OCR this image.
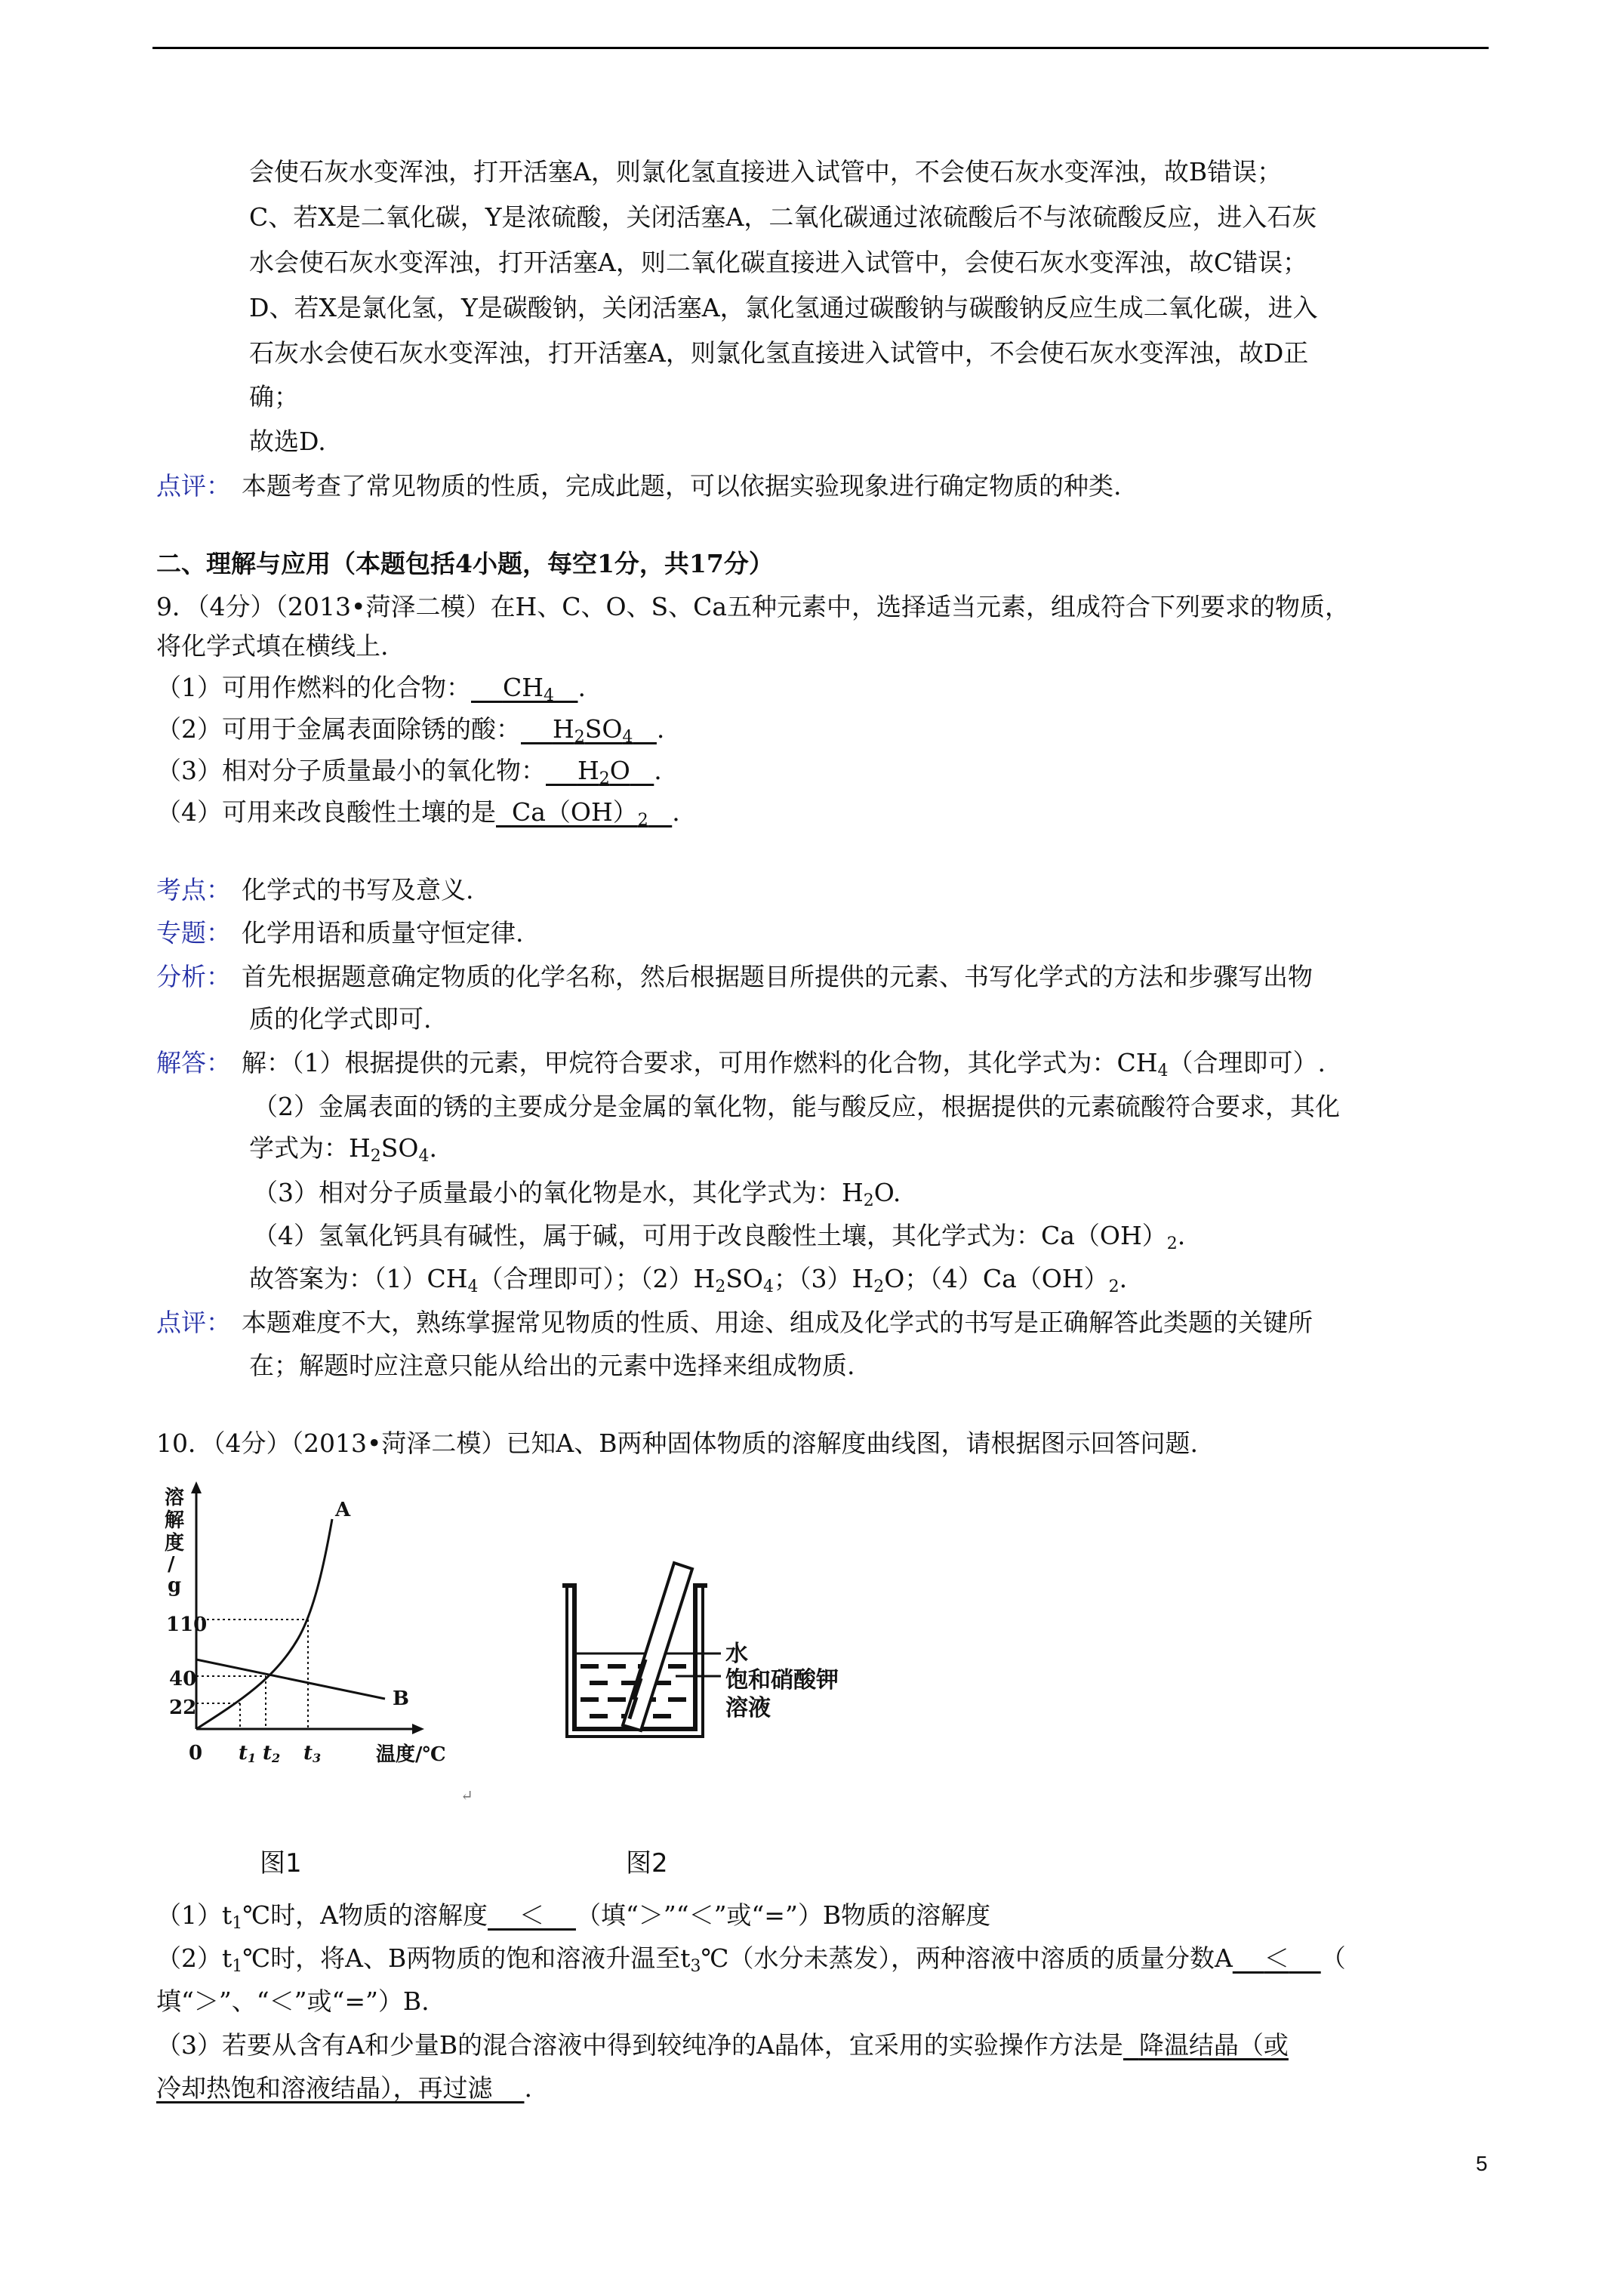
会使石灰水变浑浊，打开活塞A，则氯化氢直接进入试管中，不会使石灰水变浑浊，故B错误；
C、若X是二氧化碳，Y是浓硫酸，关闭活塞A，二氧化碳通过浓硫酸后不与浓硫酸反应，进入石灰
水会使石灰水变浑浊，打开活塞A，则二氧化碳直接进入试管中，会使石灰水变浑浊，故C错误；
D、若X是氯化氢，Y是碳酸钠，关闭活塞A，氯化氢通过碳酸钠与碳酸钠反应生成二氧化碳，进入
石灰水会使石灰水变浑浊，打开活塞A，则氯化氢直接进入试管中，不会使石灰水变浑浊，故D正
确；
故选D.
点评： 本题考查了常见物质的性质，完成此题，可以依据实验现象进行确定物质的种类.
二、理解与应用（本题包括4小题，每空1分，共17分）
9．（4分）（2013•菏泽二模）在H、C、O、S、Ca五种元素中，选择适当元素，组成符合下列要求的物质，
将化学式填在横线上.
（1）可用作燃料的化合物： $CH_4$ .
（2）可用于金属表面除锈的酸： $H_2SO_4$ .
（3）相对分子质量最小的氧化物： $H_2O$ .
（4）可用来改良酸性土壤的是 $Ca(OH)_2$ .
考点： 化学式的书写及意义.
专题： 化学用语和质量守恒定律.
分析： 首先根据题意确定物质的化学名称，然后根据题目所提供的元素、书写化学式的方法和步骤写出物
质的化学式即可.
解答： 解：（1）根据提供的元素，甲烷符合要求，可用作燃料的化合物，其化学式为：$CH_4$（合理即可）.
（2）金属表面的锈的主要成分是金属的氧化物，能与酸反应，根据提供的元素硫酸符合要求，其化
学式为：$H_2SO_4$.
（3）相对分子质量最小的氧化物是水，其化学式为：$H_2O$.
（4）氢氧化钙具有碱性，属于碱，可用于改良酸性土壤，其化学式为：$Ca(OH)_2$.
故答案为：$(1)CH_4$（合理即可）；$(2)H_2SO_4$；$(3)H_2O$；$(4)Ca(OH)_2$.
点评： 本题难度不大，熟练掌握常见物质的性质、用途、组成及化学式的书写是正确解答此类题的关键所
在；解题时应注意只能从给出的元素中选择来组成物质.
10．（4分）（2013•菏泽二模）已知A、B两种固体物质的溶解度曲线图，请根据图示回答问题.
溶
解
度
/
g
110
40
22
0 t1 t2 t3	温度/℃
A
B
↵
水
饱和硝酸钾
溶液
图1	图2
$(1)t_1℃$时，A物质的溶解度 ＜ （填“＞”“＜”或“=”）B物质的溶解度
$(2)t_1℃$时，将A、B两物质的饱和溶液升温至$t_3℃$（水分未蒸发），两种溶液中溶质的质量分数A ＜ （
填“＞”、“＜”或“=”）B.
（3）若要从含有A和少量B的混合溶液中得到较纯净的A晶体，宜采用的实验操作方法是 降温结晶（或
冷却热饱和溶液结晶），再过滤 .
5
